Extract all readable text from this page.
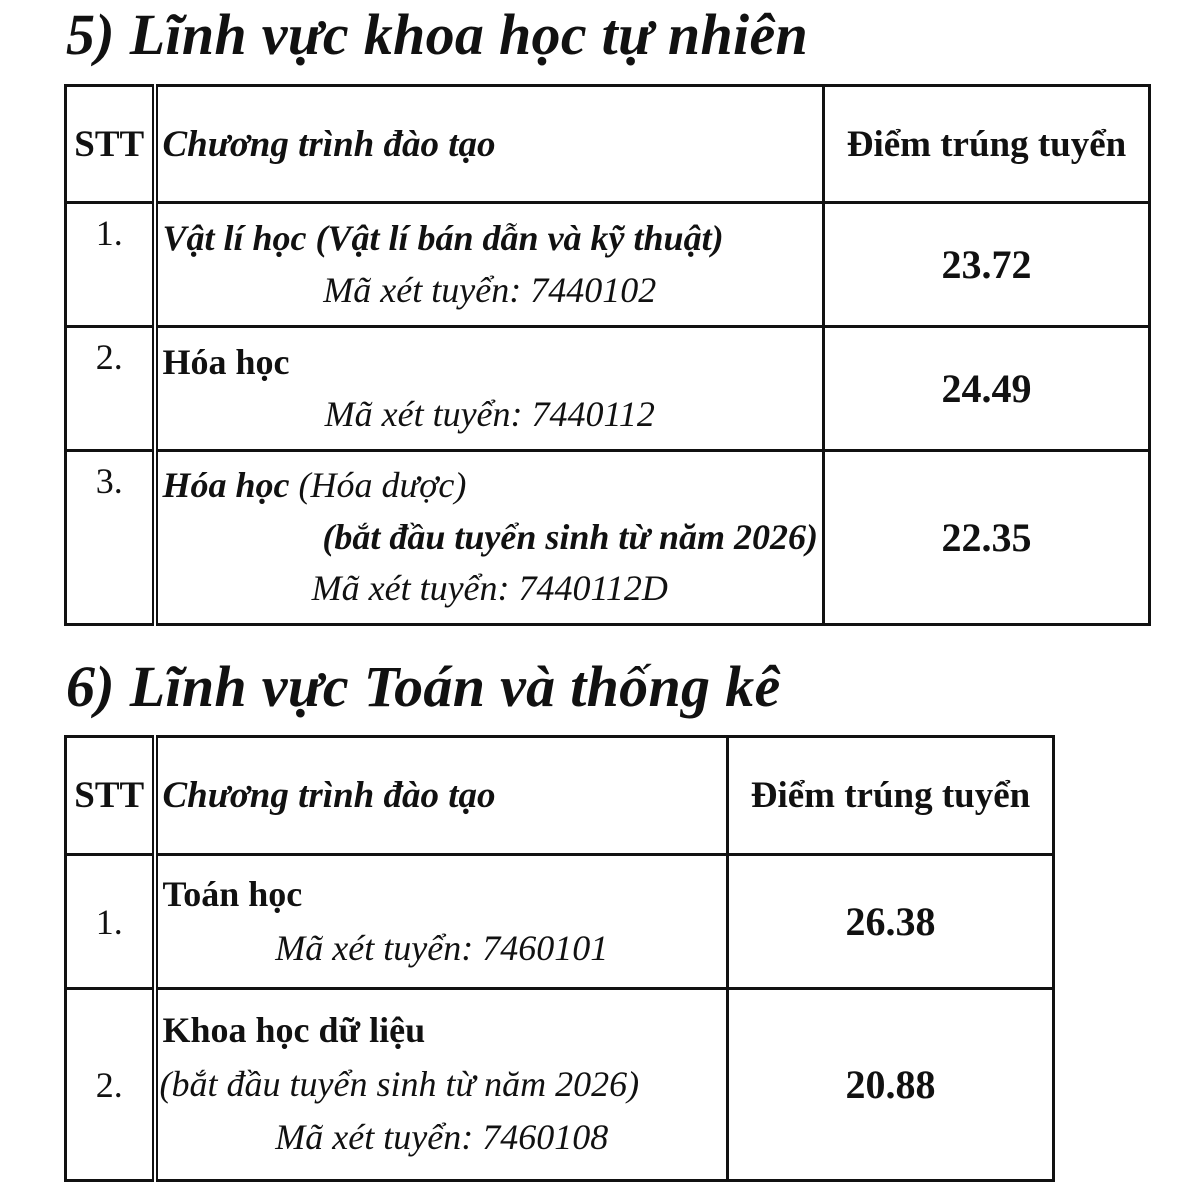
5) Lĩnh vực khoa học tự nhiên
STT	Chương trình đào tạo	Điểm trúng tuyển
1.	Vật lí học (Vật lí bán dẫn và kỹ thuật)
Mã xét tuyển: 7440102	23.72
2.	Hóa học
Mã xét tuyển: 7440112	24.49
3.	Hóa học (Hóa dược)
(bắt đầu tuyển sinh từ năm 2026)
Mã xét tuyển: 7440112D	22.35
6) Lĩnh vực Toán và thống kê
STT	Chương trình đào tạo	Điểm trúng tuyển
1.	Toán học
Mã xét tuyển: 7460101	26.38
2.	Khoa học dữ liệu
(bắt đầu tuyển sinh từ năm 2026)
Mã xét tuyển: 7460108	20.88
